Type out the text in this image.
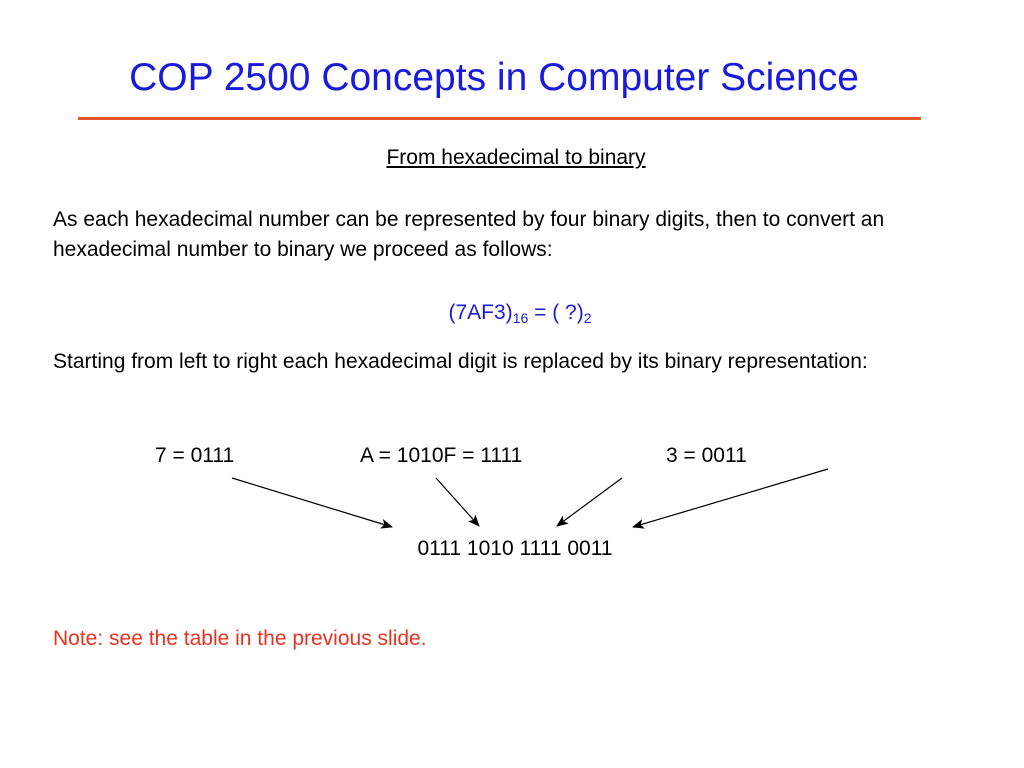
COP 2500 Concepts in Computer Science
From hexadecimal to binary
As each hexadecimal number can be represented by four binary digits, then to convert an hexadecimal number to binary we proceed as follows:
$(7AF3)_{16}$ = ( $?)_2$
Starting from left to right each hexadecimal digit is replaced by its binary representation:
7 = 0111	A = 1010F = 1111	3 = 0011
0111 1010 1111 0011
Note: see the table in the previous slide.
